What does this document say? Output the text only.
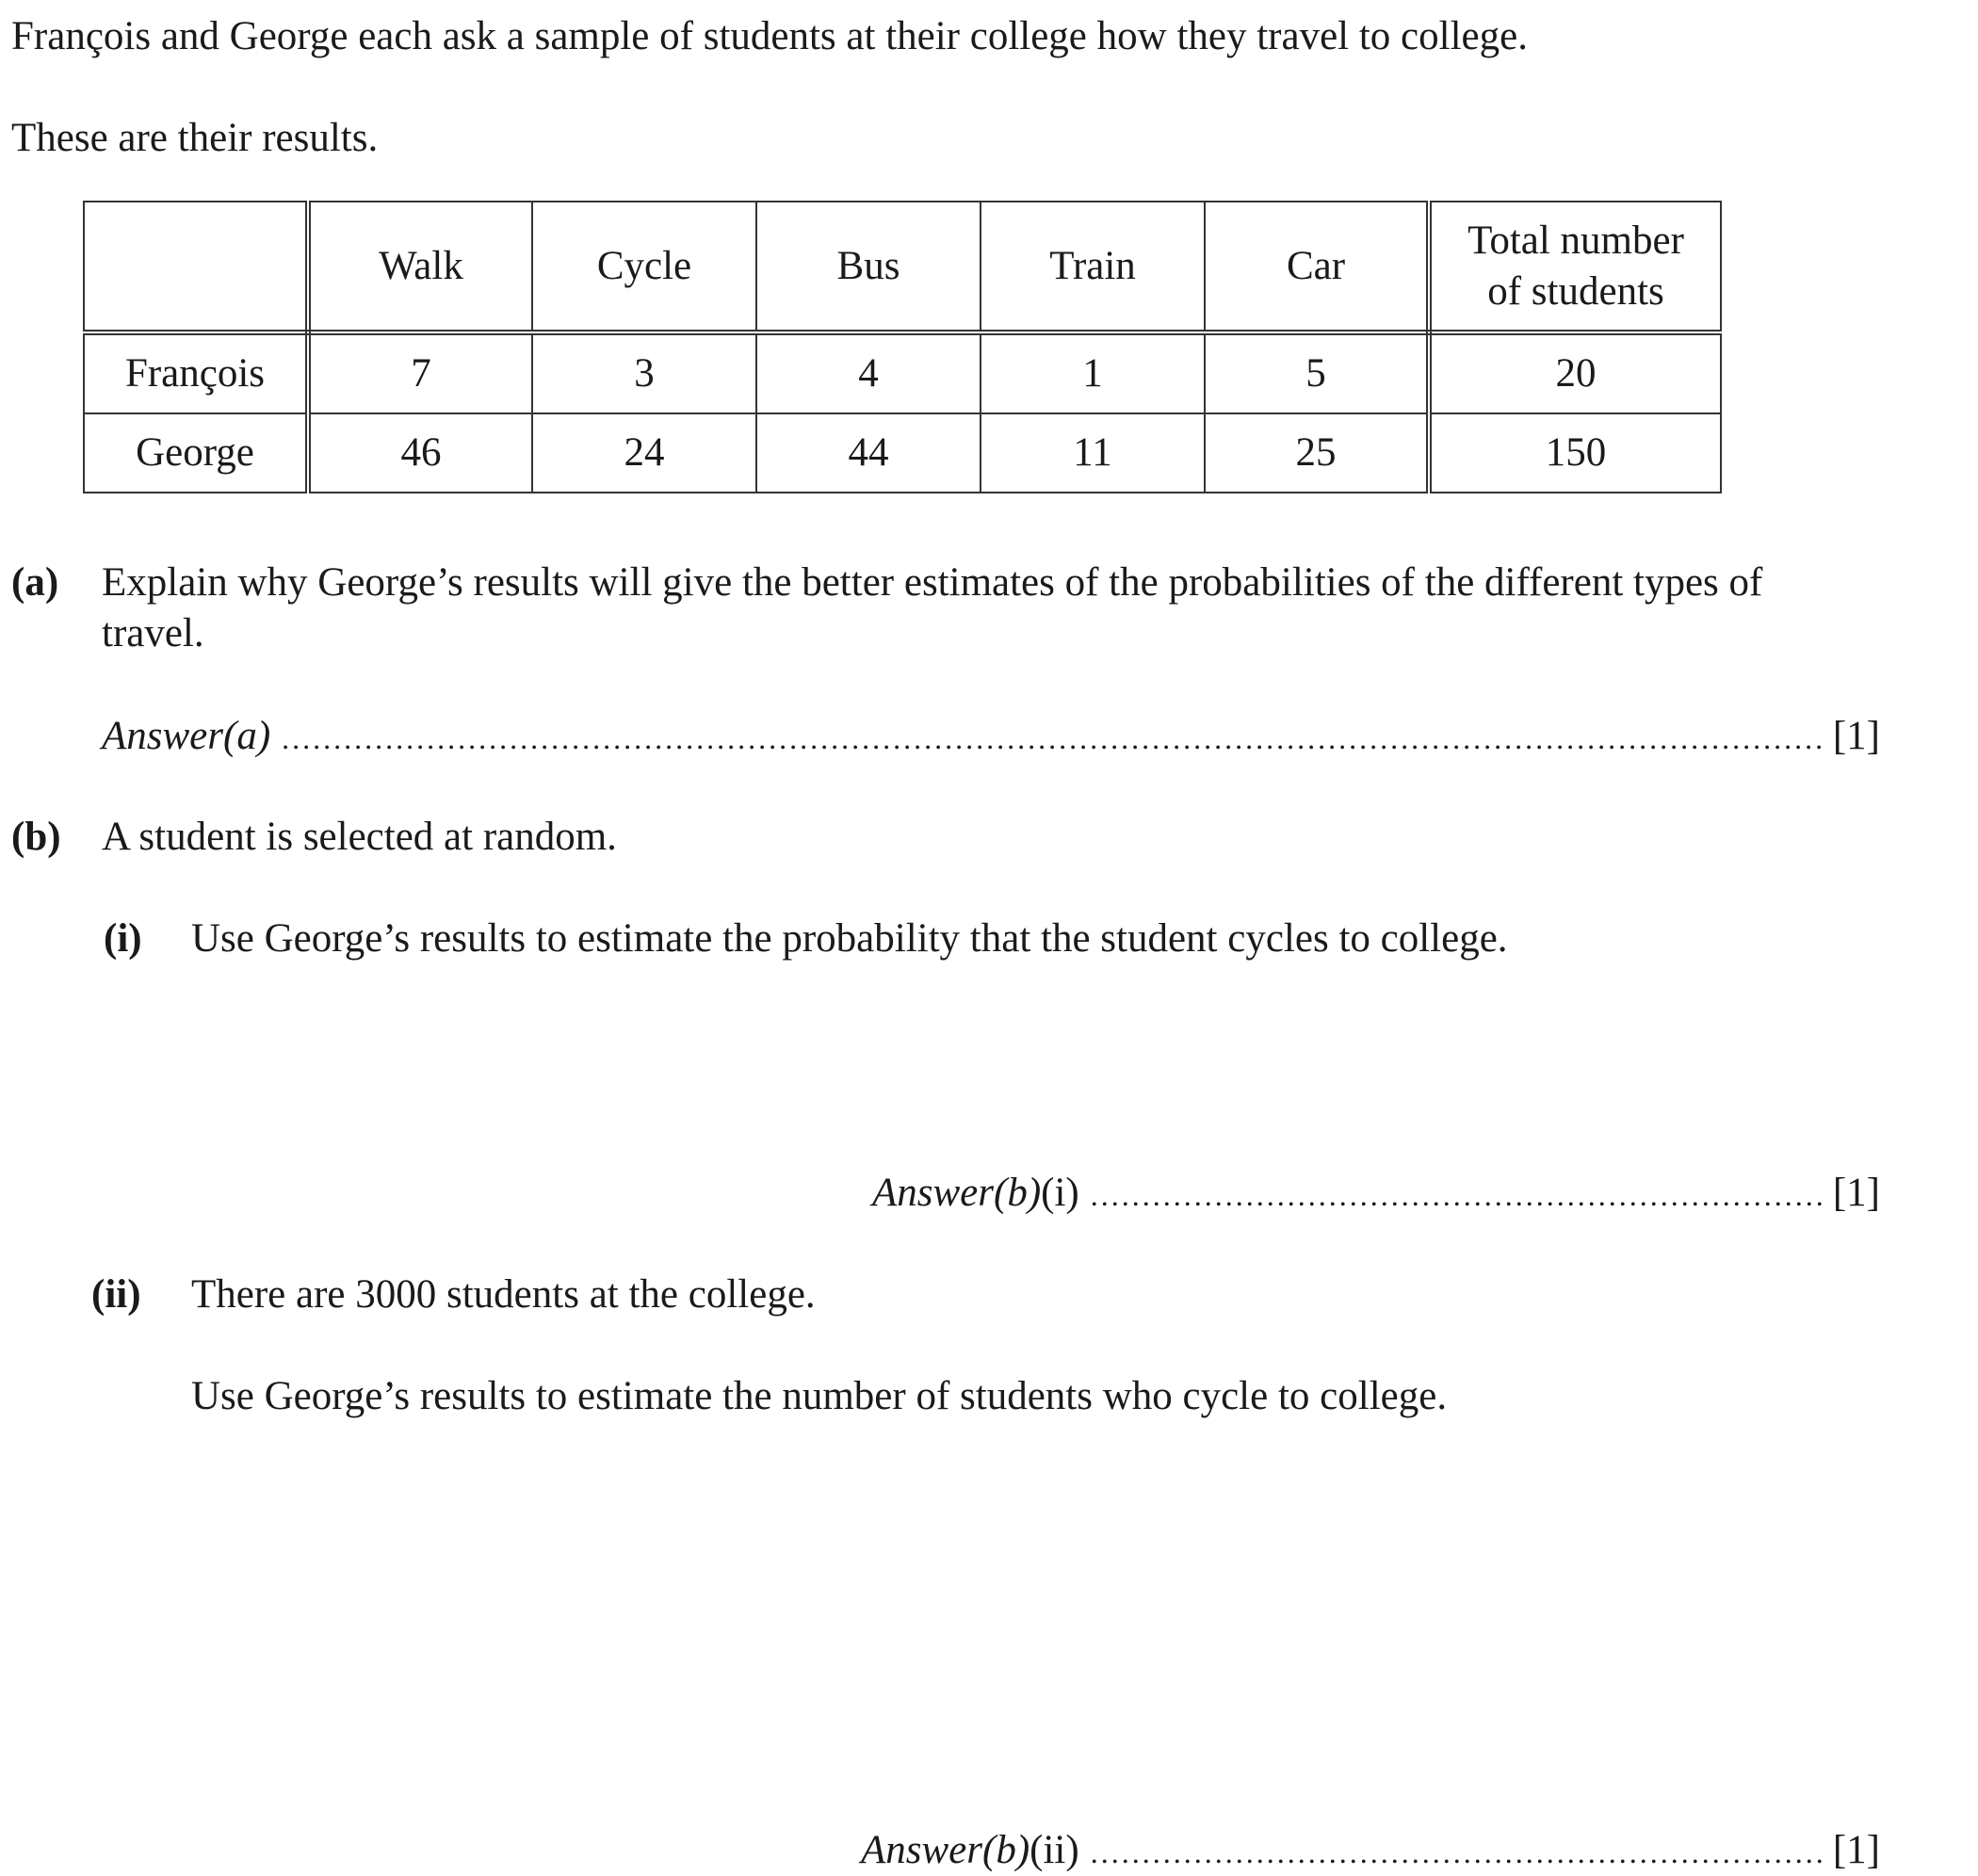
François and George each ask a sample of students at their college how they travel to college.
These are their results.
	Walk	Cycle	Bus	Train	Car	Total number
of students
François	7	3	4	1	5	20
George	46	24	44	11	25	150
(a) Explain why George’s results will give the better estimates of the probabilities of the different types of
travel.
Answer(a) .....	[1]
(b) A student is selected at random.
(i) Use George’s results to estimate the probability that the student cycles to college.
Answer(b)(i) .....	[1]
(ii) There are 3000 students at the college.
Use George’s results to estimate the number of students who cycle to college.
Answer(b)(ii) .....	[1]
